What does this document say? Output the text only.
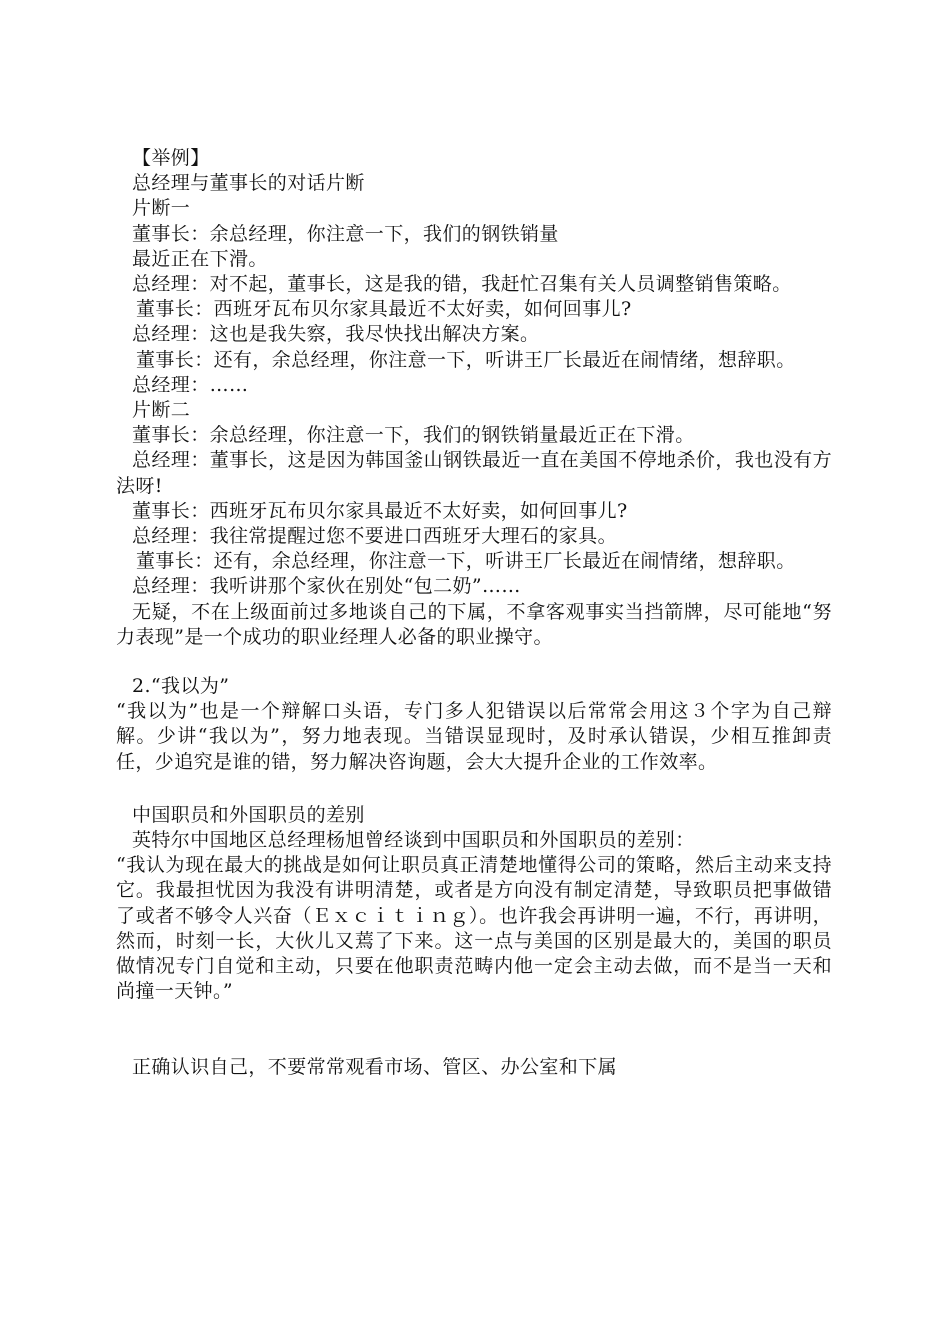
【举例】

总经理与董事长的对话片断

片断一

董事长：余总经理，你注意一下，我们的钢铁销量

最近正在下滑。

总经理：对不起，董事长，这是我的错，我赶忙召集有关人员调整销售策略。

董事长：西班牙瓦布贝尔家具最近不太好卖，如何回事儿?

总经理：这也是我失察，我尽快找出解决方案。

董事长：还有，余总经理，你注意一下，听讲王厂长最近在闹情绪，想辞职。

总经理：……

片断二

董事长：余总经理，你注意一下，我们的钢铁销量最近正在下滑。

总经理：董事长，这是因为韩国釜山钢铁最近一直在美国不停地杀价，我也没有方法呀!

董事长：西班牙瓦布贝尔家具最近不太好卖，如何回事儿?

总经理：我往常提醒过您不要进口西班牙大理石的家具。

董事长：还有，余总经理，你注意一下，听讲王厂长最近在闹情绪，想辞职。

总经理：我听讲那个家伙在别处“包二奶”……

无疑，不在上级面前过多地谈自己的下属，不拿客观事实当挡箭牌，尽可能地“努力表现”是一个成功的职业经理人必备的职业操守。

2.“我以为”

“我以为”也是一个辩解口头语，专门多人犯错误以后常常会用这３个字为自己辩解。少讲“我以为”，努力地表现。当错误显现时，及时承认错误，少相互推卸责任，少追究是谁的错，努力解决咨询题，会大大提升企业的工作效率。

中国职员和外国职员的差别

英特尔中国地区总经理杨旭曾经谈到中国职员和外国职员的差别：

“我认为现在最大的挑战是如何让职员真正清楚地懂得公司的策略，然后主动来支持它。我最担忧因为我没有讲明清楚，或者是方向没有制定清楚，导致职员把事做错了或者不够令人兴奋（Ｅｘｃｉｔｉｎｇ）。也许我会再讲明一遍，不行，再讲明，然而，时刻一长，大伙儿又蔫了下来。这一点与美国的区别是最大的，美国的职员做情况专门自觉和主动，只要在他职责范畴内他一定会主动去做，而不是当一天和尚撞一天钟。”

正确认识自己，不要常常观看市场、管区、办公室和下属
